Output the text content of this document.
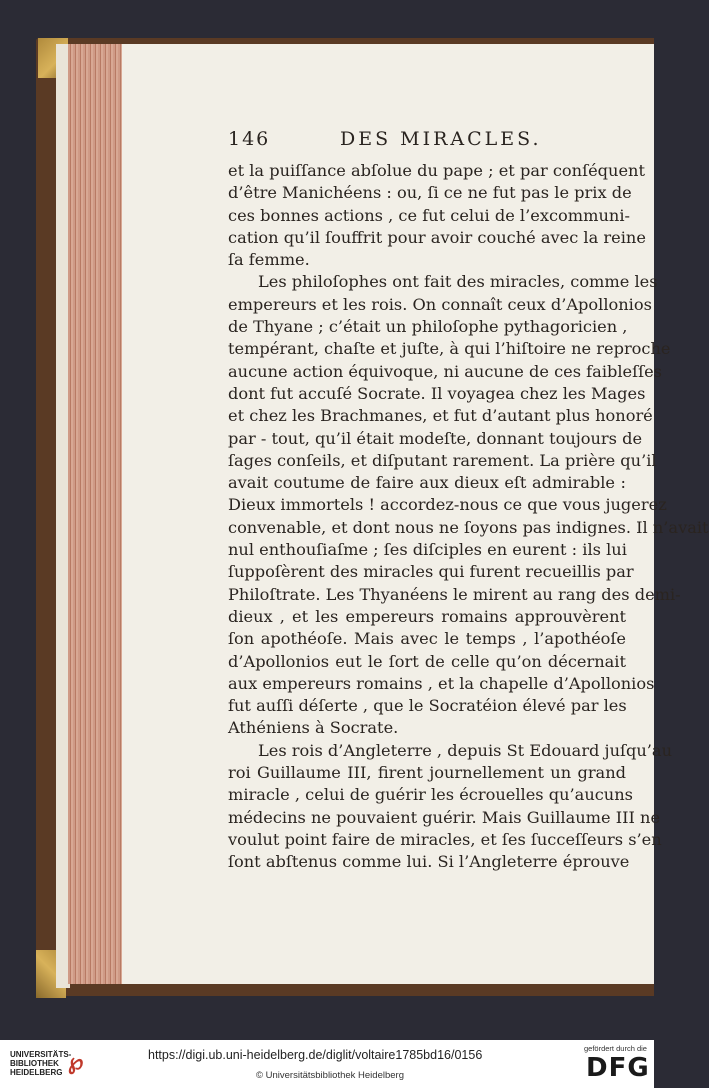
146	DES MIRACLES.
et la puiſſance abſolue du pape ; et par conſéquent
d’être Manichéens : ou, ſi ce ne fut pas le prix de
ces bonnes actions , ce fut celui de l’excommuni-
cation qu’il ſouffrit pour avoir couché avec la reine
ſa femme.
Les philoſophes ont fait des miracles, comme les
empereurs et les rois. On connaît ceux d’Apollonios
de Thyane ; c’était un philoſophe pythagoricien ,
tempérant, chaſte et juſte, à qui l’hiſtoire ne reproche
aucune action équivoque, ni aucune de ces faibleſſes
dont fut accuſé Socrate. Il voyagea chez les Mages
et chez les Brachmanes, et fut d’autant plus honoré
par - tout, qu’il était modeſte, donnant toujours de
ſages conſeils, et diſputant rarement. La prière qu’il
avait coutume de faire aux dieux eſt admirable :
Dieux immortels ! accordez-nous ce que vous jugerez
convenable, et dont nous ne ſoyons pas indignes. Il n’avait
nul enthouſiaſme ; ſes diſciples en eurent : ils lui
ſuppoſèrent des miracles qui furent recueillis par
Philoſtrate. Les Thyanéens le mirent au rang des demi-
dieux , et les empereurs romains approuvèrent
ſon apothéoſe. Mais avec le temps , l’apothéoſe
d’Apollonios eut le ſort de celle qu’on décernait
aux empereurs romains , et la chapelle d’Apollonios
fut auſſi déſerte , que le Socratéion élevé par les
Athéniens à Socrate.
Les rois d’Angleterre , depuis St Edouard juſqu’au
roi Guillaume III, firent journellement un grand
miracle , celui de guérir les écrouelles qu’aucuns
médecins ne pouvaient guérir. Mais Guillaume III ne
voulut point faire de miracles, et ſes ſucceſſeurs s’en
ſont abſtenus comme lui. Si l’Angleterre éprouve
UNIVERSITÄTS-BIBLIOTHEK HEIDELBERG ℘	https://digi.ub.uni-heidelberg.de/diglit/voltaire1785bd16/0156
© Universitätsbibliothek Heidelberg
gefördert durch die
DFG
